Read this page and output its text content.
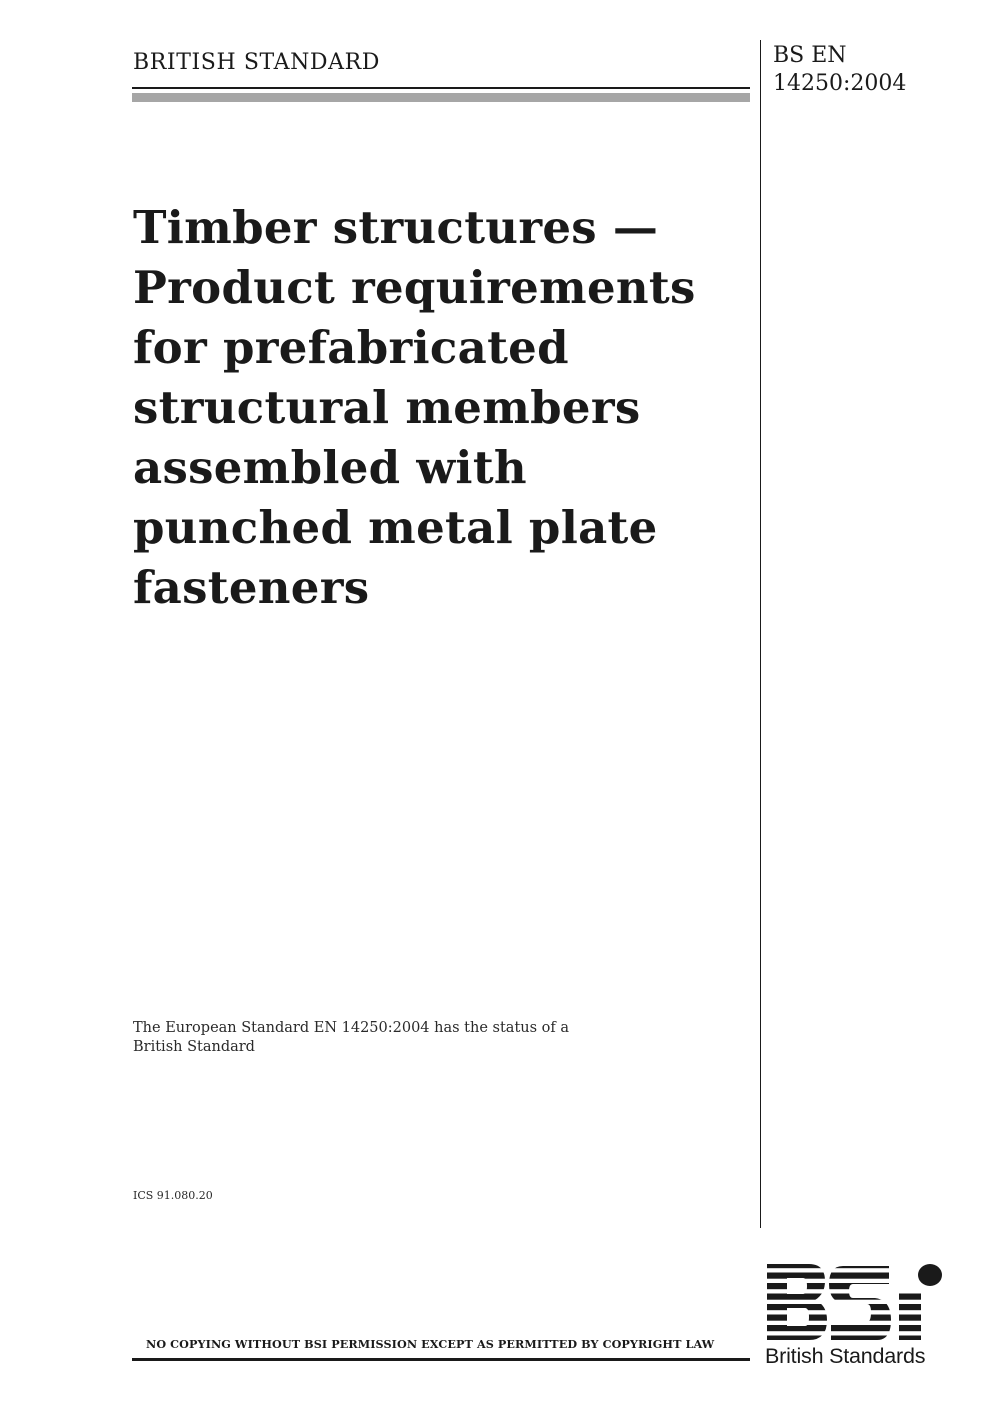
BRITISH STANDARD	BS EN
14250:2004
Timber structures —
Product requirements
for prefabricated
structural members
assembled with
punched metal plate
fasteners
The European Standard EN 14250:2004 has the status of a
British Standard
ICS 91.080.20
NO COPYING WITHOUT BSI PERMISSION EXCEPT AS PERMITTED BY COPYRIGHT LAW	British Standards
